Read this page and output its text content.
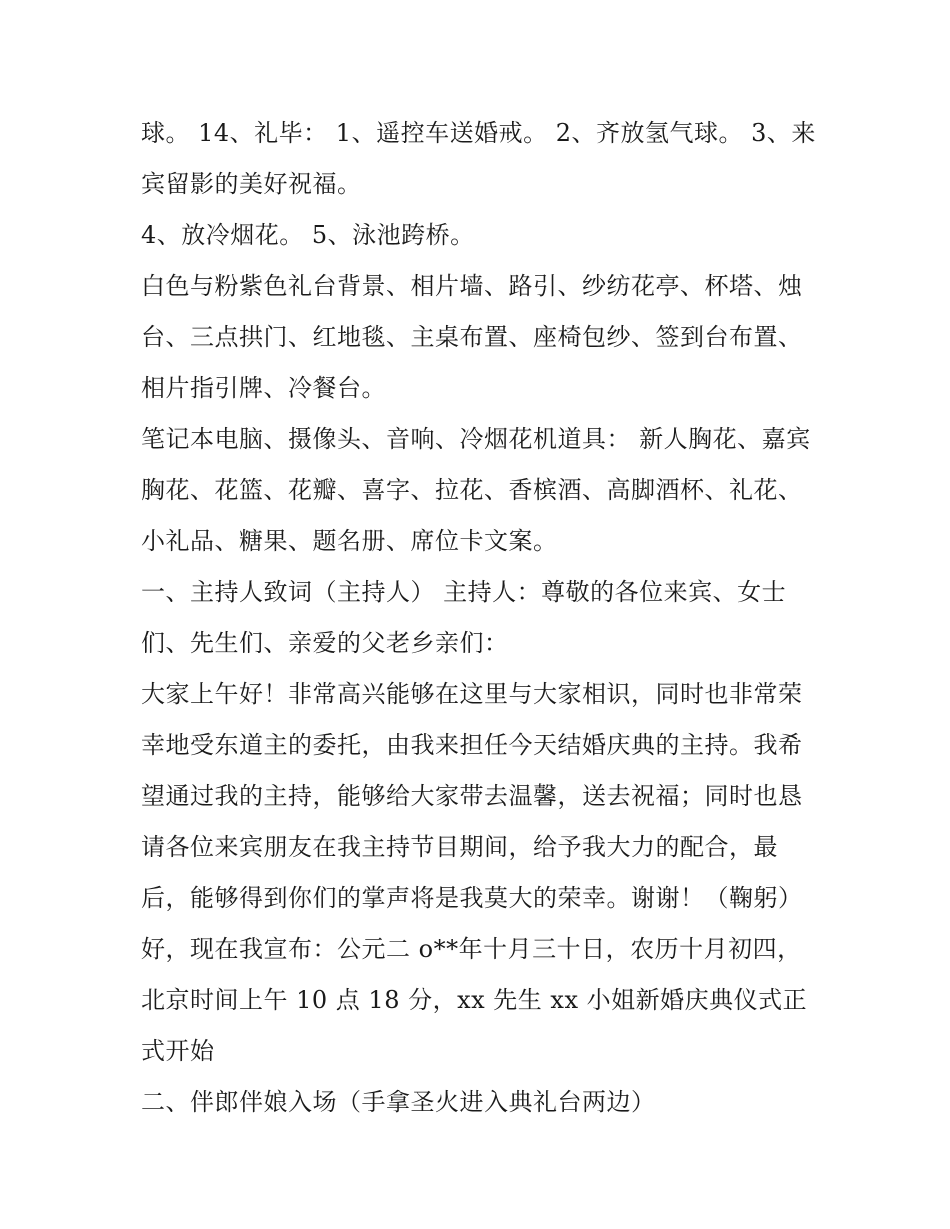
球。 14、礼毕： 1、遥控车送婚戒。 2、齐放氢气球。 3、来宾留影的美好祝福。

4、放冷烟花。 5、泳池跨桥。

白色与粉紫色礼台背景、相片墙、路引、纱纺花亭、杯塔、烛台、三点拱门、红地毯、主桌布置、座椅包纱、签到台布置、相片指引牌、冷餐台。

笔记本电脑、摄像头、音响、冷烟花机道具： 新人胸花、嘉宾胸花、花篮、花瓣、喜字、拉花、香槟酒、高脚酒杯、礼花、小礼品、糖果、题名册、席位卡文案。

一、主持人致词（主持人） 主持人：尊敬的各位来宾、女士们、先生们、亲爱的父老乡亲们：

大家上午好！非常高兴能够在这里与大家相识，同时也非常荣幸地受东道主的委托，由我来担任今天结婚庆典的主持。我希望通过我的主持，能够给大家带去温馨，送去祝福；同时也恳请各位来宾朋友在我主持节目期间，给予我大力的配合，最后，能够得到你们的掌声将是我莫大的荣幸。谢谢！（鞠躬）好，现在我宣布：公元二 o**年十月三十日，农历十月初四，北京时间上午 10 点 18 分，xx 先生 xx 小姐新婚庆典仪式正式开始

二、伴郎伴娘入场（手拿圣火进入典礼台两边）
